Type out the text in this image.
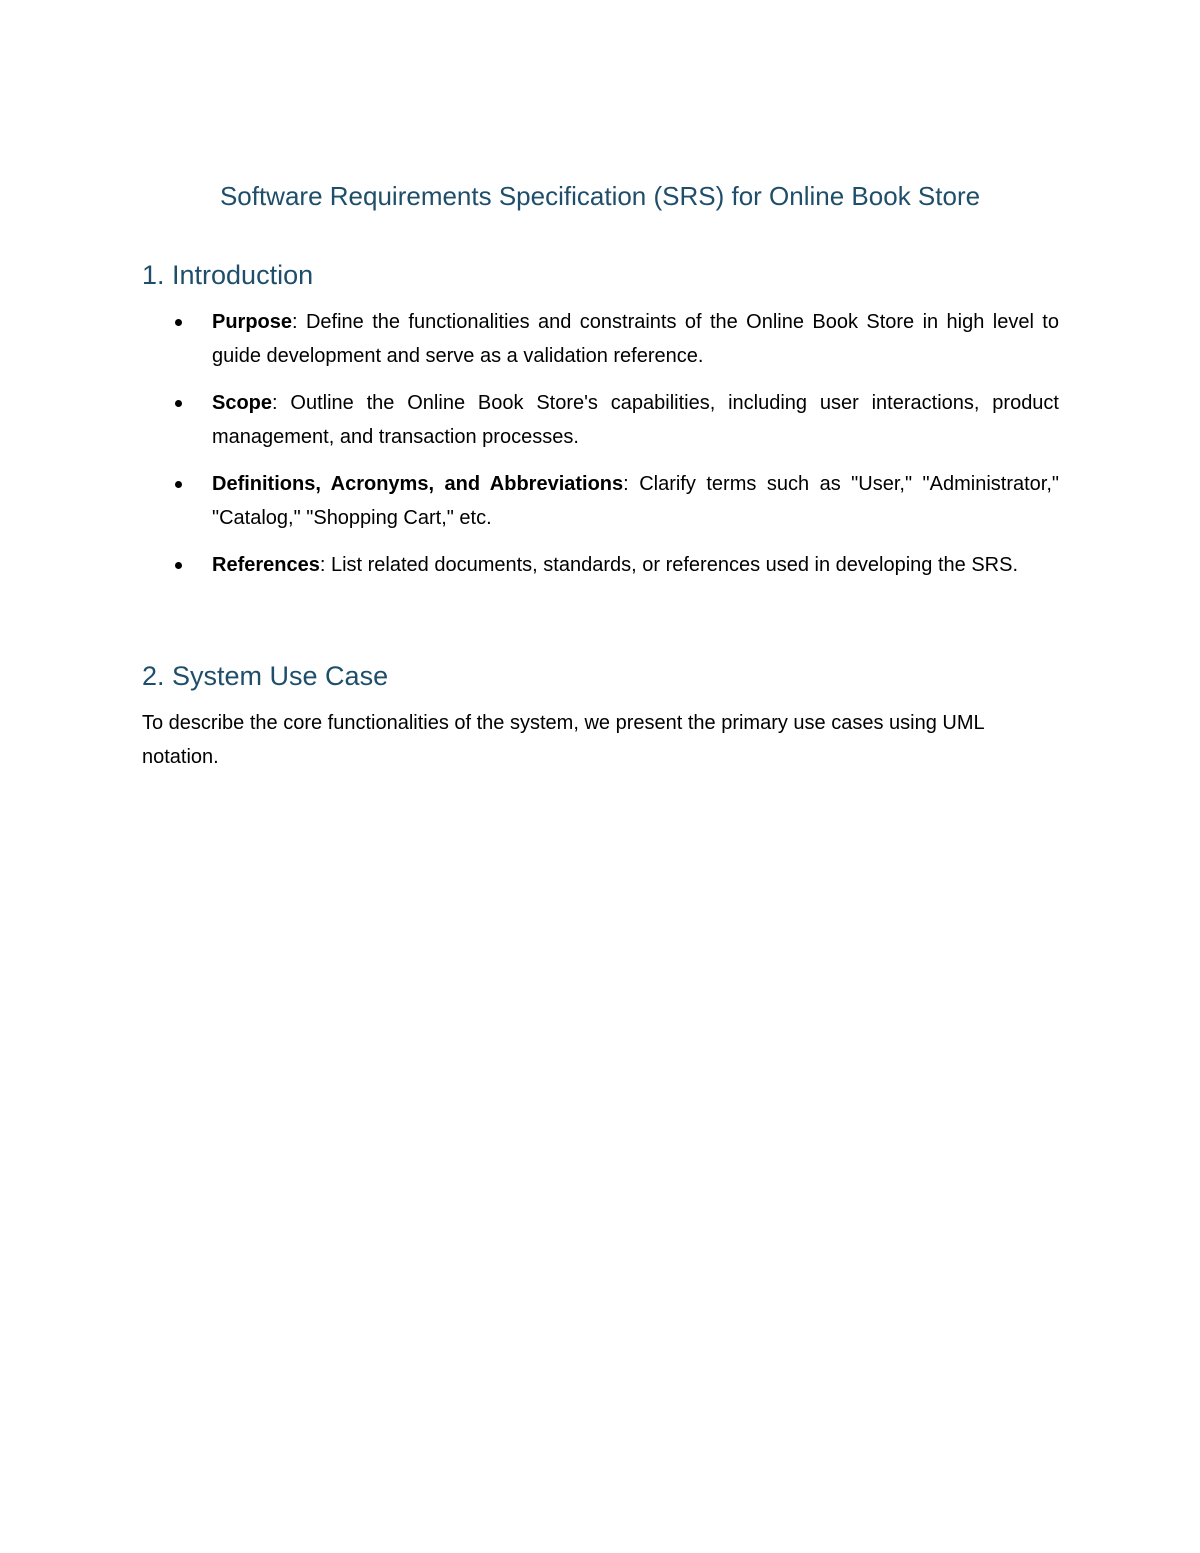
Software Requirements Specification (SRS) for Online Book Store
1. Introduction
Purpose: Define the functionalities and constraints of the Online Book Store in high level to guide development and serve as a validation reference.
Scope: Outline the Online Book Store's capabilities, including user interactions, product management, and transaction processes.
Definitions, Acronyms, and Abbreviations: Clarify terms such as "User," "Administrator," "Catalog," "Shopping Cart," etc.
References: List related documents, standards, or references used in developing the SRS.
2. System Use Case

To describe the core functionalities of the system, we present the primary use cases using UML notation.
